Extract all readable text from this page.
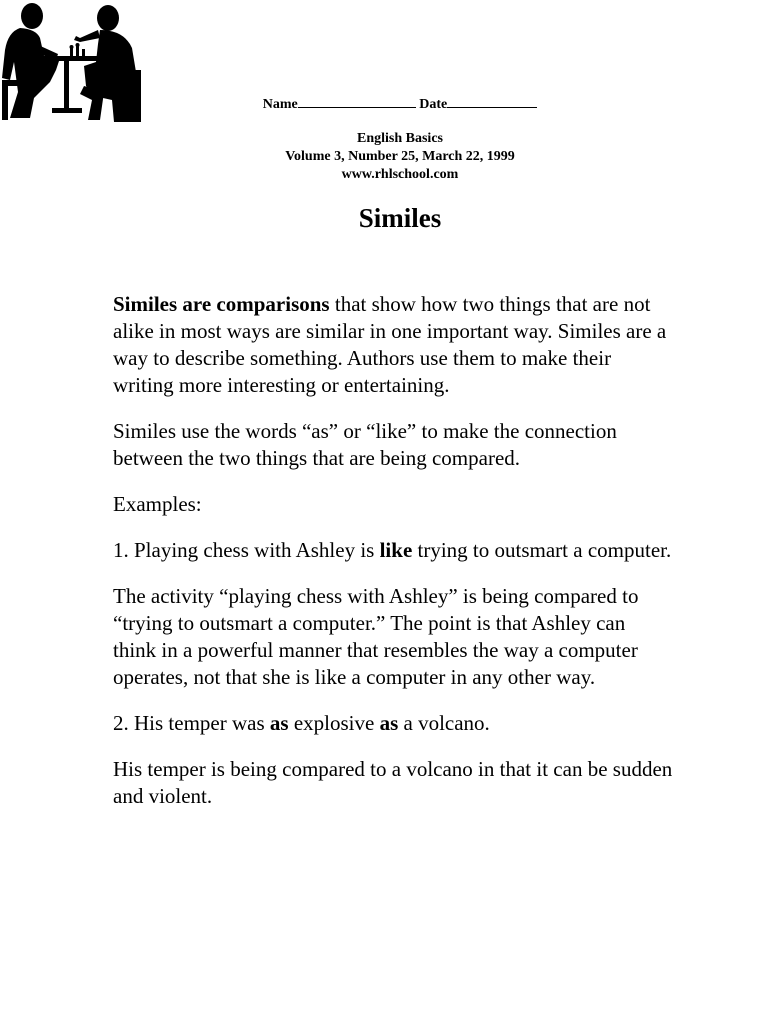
Name	Date
English Basics
Volume 3, Number 25, March 22, 1999
www.rhlschool.com
Similes

Similes are comparisons that show how two things that are not alike in most ways are similar in one important way. Similes are a way to describe something. Authors use them to make their writing more interesting or entertaining.

Similes use the words “as” or “like” to make the connection between the two things that are being compared.

Examples:

1. Playing chess with Ashley is like trying to outsmart a computer.

The activity “playing chess with Ashley” is being compared to “trying to outsmart a computer.” The point is that Ashley can think in a powerful manner that resembles the way a computer operates, not that she is like a computer in any other way.

2. His temper was as explosive as a volcano.

His temper is being compared to a volcano in that it can be sudden and violent.
